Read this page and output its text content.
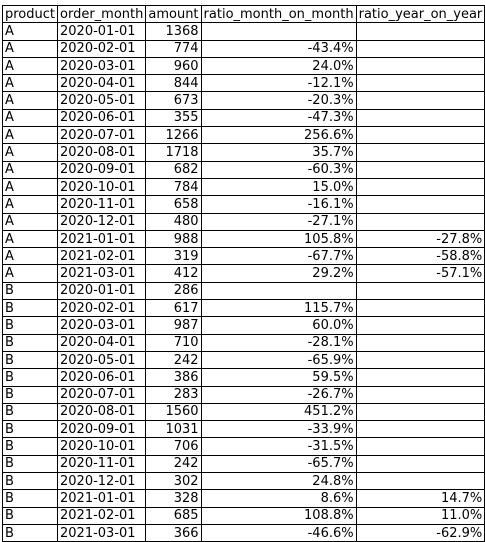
product	order_month	amount	ratio_month_on_month	ratio_year_on_year
A	2020-01-01	1368		
A	2020-02-01	774	-43.4%	
A	2020-03-01	960	24.0%	
A	2020-04-01	844	-12.1%	
A	2020-05-01	673	-20.3%	
A	2020-06-01	355	-47.3%	
A	2020-07-01	1266	256.6%	
A	2020-08-01	1718	35.7%	
A	2020-09-01	682	-60.3%	
A	2020-10-01	784	15.0%	
A	2020-11-01	658	-16.1%	
A	2020-12-01	480	-27.1%	
A	2021-01-01	988	105.8%	-27.8%
A	2021-02-01	319	-67.7%	-58.8%
A	2021-03-01	412	29.2%	-57.1%
B	2020-01-01	286		
B	2020-02-01	617	115.7%	
B	2020-03-01	987	60.0%	
B	2020-04-01	710	-28.1%	
B	2020-05-01	242	-65.9%	
B	2020-06-01	386	59.5%	
B	2020-07-01	283	-26.7%	
B	2020-08-01	1560	451.2%	
B	2020-09-01	1031	-33.9%	
B	2020-10-01	706	-31.5%	
B	2020-11-01	242	-65.7%	
B	2020-12-01	302	24.8%	
B	2021-01-01	328	8.6%	14.7%
B	2021-02-01	685	108.8%	11.0%
B	2021-03-01	366	-46.6%	-62.9%
